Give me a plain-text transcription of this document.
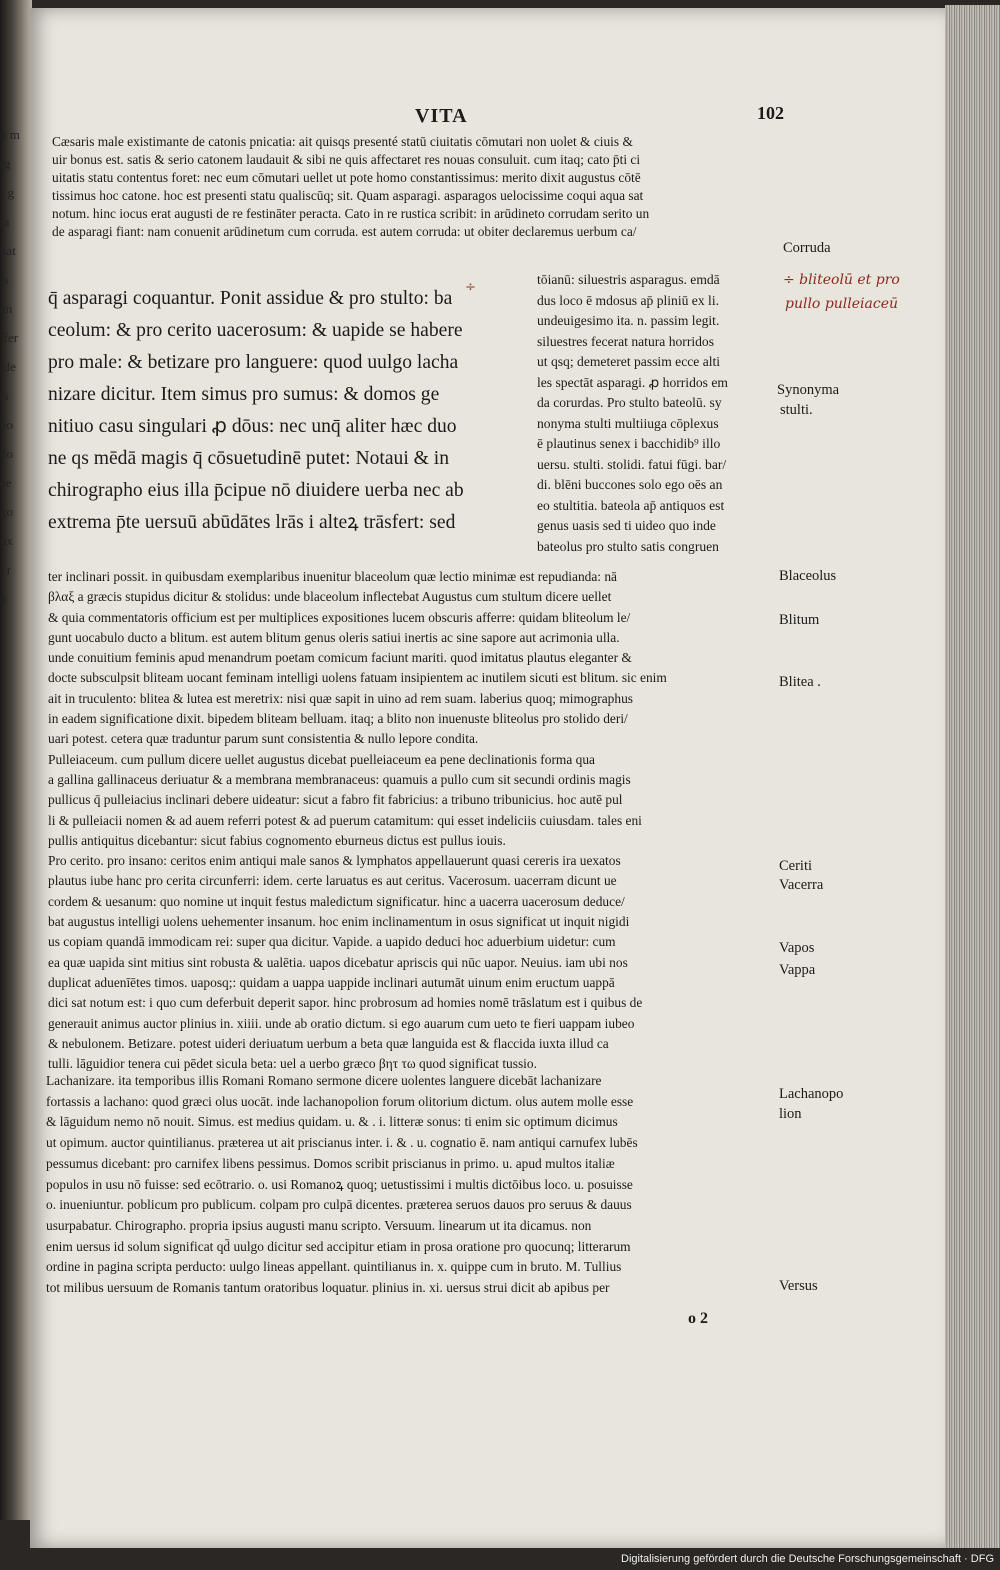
o m
rg
r g
ta
nat
is
an
ifer
ide
is
ho
do
ee
go
ux
i r
o
VITA	102
Cæsaris male existimante de catonis pnicatia: ait quisqs presenté statū ciuitatis cōmutari non uolet & ciuis &
uir bonus est. satis & serio catonem laudauit & sibi ne quis affectaret res nouas consuluit. cum itaq; cato p̄ti ci
uitatis statu contentus foret: nec eum cōmutari uellet ut pote homo constantissimus: merito dixit augustus cōtē
tissimus hoc catone. hoc est presenti statu qualiscūq; sit. Quam asparagi. asparagos uelocissime coqui aqua sat
notum. hinc iocus erat augusti de re festināter peracta. Cato in re rustica scribit: in arūdineto corrudam serito un
de asparagi fiant: nam conuenit arūdinetum cum corruda. est autem corruda: ut obiter declaremus uerbum ca/
q̄ asparagi coquantur. Ponit assidue & pro stulto: ba
ceolum: & pro cerito uacerosum: & uapide se habere
pro male: & betizare pro languere: quod uulgo lacha
nizare dicitur. Item simus pro sumus: & domos ge
nitiuo casu singulari ꝓ dōus: nec unq̄ aliter hæc duo
ne qs mēdā magis q̄ cōsuetudinē putet: Notaui & in
chirographo eius illa p̄cipue nō diuidere uerba nec ab
extrema p̄te uersuū abūdātes lrās i alteꝝ trāsfert: sed
tōianū: siluestris asparagus. emdā
dus loco ē mdosus ap̄ pliniū ex li.
undeuigesimo ita. n. passim legit.
siluestres fecerat natura horridos
ut qsq; demeteret passim ecce alti
les spectāt asparagi. ꝓ horridos em
da corurdas. Pro stulto bateolū. sy
nonyma stulti multiiuga cōplexus
ē plautinus senex i bacchidib⁹ illo
uersu. stulti. stolidi. fatui fūgi. bar/
di. blēni buccones solo ego oēs an
eo stultitia. bateola ap̄ antiquos est
genus uasis sed ti uideo quo inde
bateolus pro stulto satis congruen
ter inclinari possit. in quibusdam exemplaribus inuenitur blaceolum quæ lectio minimæ est repudianda: nā
βλαξ a græcis stupidus dicitur & stolidus: unde blaceolum inflectebat Augustus cum stultum dicere uellet
& quia commentatoris officium est per multiplices expositiones lucem obscuris afferre: quidam bliteolum le/
gunt uocabulo ducto a blitum. est autem blitum genus oleris satiui inertis ac sine sapore aut acrimonia ulla.
unde conuitium feminis apud menandrum poetam comicum faciunt mariti. quod imitatus plautus eleganter &
docte subsculpsit bliteam uocant feminam intelligi uolens fatuam insipientem ac inutilem sicuti est blitum. sic enim
ait in truculento: blitea & lutea est meretrix: nisi quæ sapit in uino ad rem suam. laberius quoq; mimographus
in eadem significatione dixit. bipedem bliteam belluam. itaq; a blito non inuenuste bliteolus pro stolido deri/
uari potest. cetera quæ traduntur parum sunt consistentia & nullo lepore condita.
Pulleiaceum. cum pullum dicere uellet augustus dicebat puelleiaceum ea pene declinationis forma qua
a gallina gallinaceus deriuatur & a membrana membranaceus: quamuis a pullo cum sit secundi ordinis magis
pullicus q̄ pulleiacius inclinari debere uideatur: sicut a fabro fit fabricius: a tribuno tribunicius. hoc autē pul
li & pulleiacii nomen & ad auem referri potest & ad puerum catamitum: qui esset indeliciis cuiusdam. tales eni
pullis antiquitus dicebantur: sicut fabius cognomento eburneus dictus est pullus iouis.
Pro cerito. pro insano: ceritos enim antiqui male sanos & lymphatos appellauerunt quasi cereris ira uexatos
plautus iube hanc pro cerita circunferri: idem. certe laruatus es aut ceritus. Vacerosum. uacerram dicunt ue
cordem & uesanum: quo nomine ut inquit festus maledictum significatur. hinc a uacerra uacerosum deduce/
bat augustus intelligi uolens uehementer insanum. hoc enim inclinamentum in osus significat ut inquit nigidi
us copiam quandā immodicam rei: super qua dicitur. Vapide. a uapido deduci hoc aduerbium uidetur: cum
ea quæ uapida sint mitius sint robusta & ualētia. uapos dicebatur apriscis qui nūc uapor. Neuius. iam ubi nos
duplicat aduenīētes timos. uaposq;: quidam a uappa uappide inclinari autumāt uinum enim eructum uappā
dici sat notum est: i quo cum deferbuit deperit sapor. hinc probrosum ad homies nomē trāslatum est i quibus de
generauit animus auctor plinius in. xiiii. unde ab oratio dictum. si ego auarum cum ueto te fieri uappam iubeo
& nebulonem. Betizare. potest uideri deriuatum uerbum a beta quæ languida est & flaccida iuxta illud ca
tulli. lāguidior tenera cui pēdet sicula beta: uel a uerbo græco βητ τω quod significat tussio.
Lachanizare. ita temporibus illis Romani Romano sermone dicere uolentes languere dicebāt lachanizare
fortassis a lachano: quod græci olus uocāt. inde lachanopolion forum olitorium dictum. olus autem molle esse
& lāguidum nemo nō nouit. Simus. est medius quidam. u. & . i. litteræ sonus: ti enim sic optimum dicimus
ut opimum. auctor quintilianus. præterea ut ait priscianus inter. i. & . u. cognatio ē. nam antiqui carnufex lubēs
pessumus dicebant: pro carnifex libens pessimus. Domos scribit priscianus in primo. u. apud multos italiæ
populos in usu nō fuisse: sed ecōtrario. o. usi Romanoꝝ quoq; uetustissimi i multis dictōibus loco. u. posuisse
o. inueniuntur. poblicum pro publicum. colpam pro culpā dicentes. præterea seruos dauos pro seruus & dauus
usurpabatur. Chirographo. propria ipsius augusti manu scripto. Versuum. linearum ut ita dicamus. non
enim uersus id solum significat qd̄ uulgo dicitur sed accipitur etiam in prosa oratione pro quocunq; litterarum
ordine in pagina scripta perducto: uulgo lineas appellant. quintilianus in. x. quippe cum in bruto. M. Tullius
tot milibus uersuum de Romanis tantum oratoribus loquatur. plinius in. xi. uersus strui dicit ab apibus per
÷
Corruda
÷ bliteolū et pro
pullo pulleiaceū
Synonyma
stulti.
Blaceolus
Blitum
Blitea .
Ceriti
Vacerra
Vapos
Vappa
Lachanopo
lion
Versus
o 2
Digitalisierung gefördert durch die Deutsche Forschungsgemeinschaft · DFG
